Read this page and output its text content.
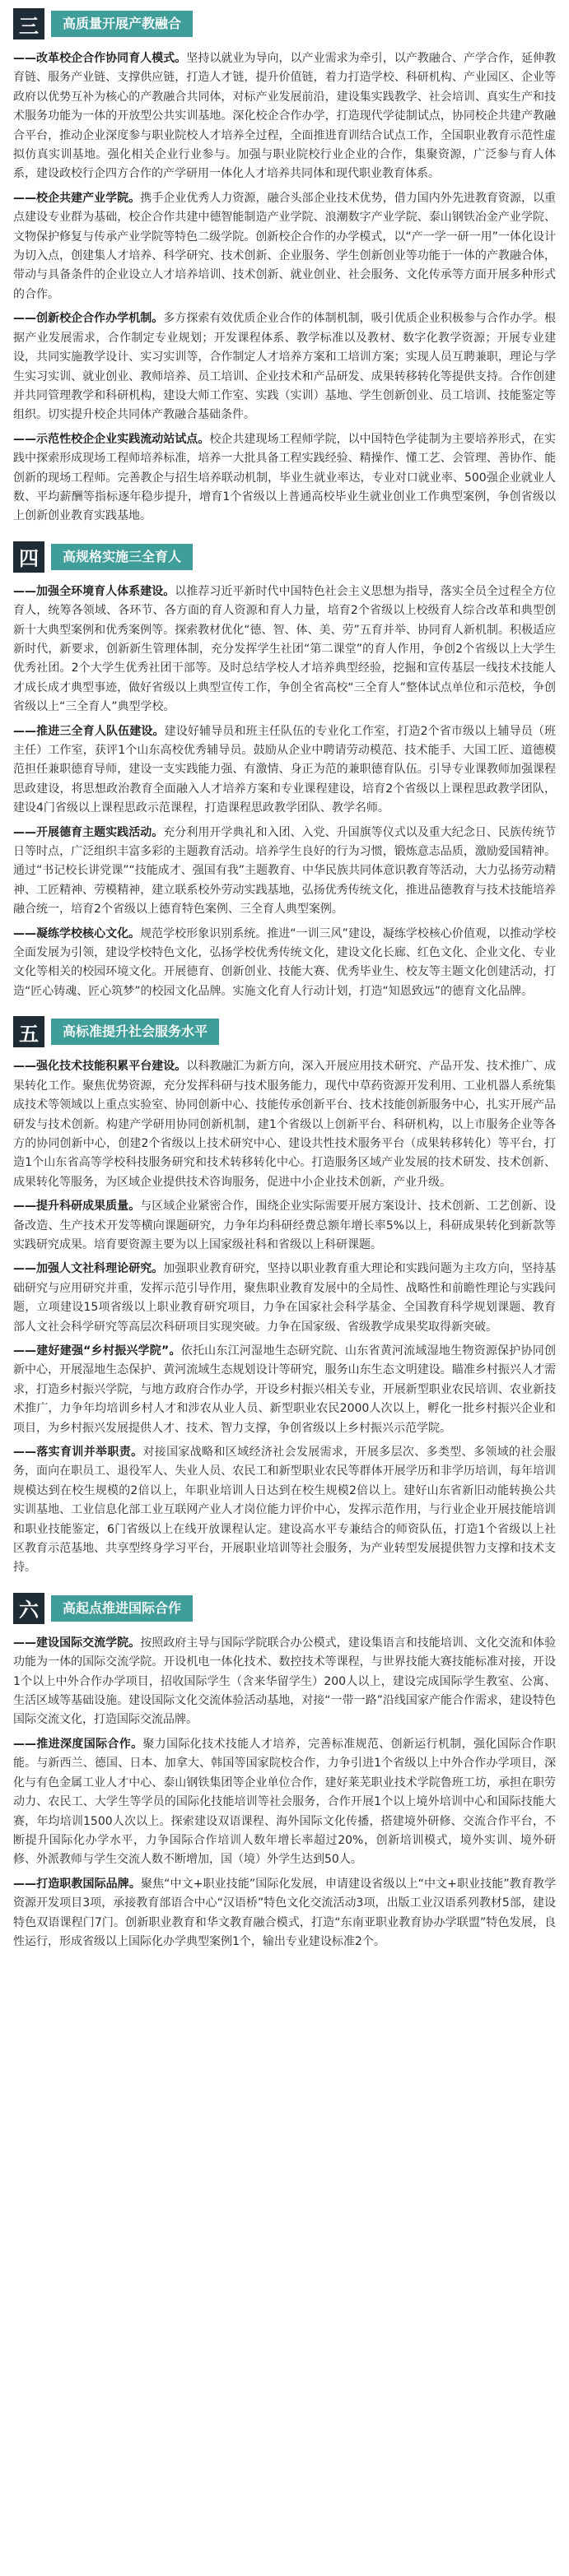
三	高质量开展产教融合

——改革校企合作协同育人模式。坚持以就业为导向，以产业需求为牵引，以产教融合、产学合作，延伸教育链、服务产业链、支撑供应链，打造人才链，提升价值链，着力打造学校、科研机构、产业园区、企业等政府以优势互补为核心的产教融合共同体，对标产业发展前沿，建设集实践教学、社会培训、真实生产和技术服务功能为一体的开放型公共实训基地。深化校企合作办学，打造现代学徒制试点，协同校企共建产教融合平台，推动企业深度参与职业院校人才培养全过程，全面推进育训结合试点工作，全国职业教育示范性虚拟仿真实训基地。强化相关企业行业参与。加强与职业院校行业企业的合作，集聚资源，广泛参与育人体系，建设政校行企四方合作的产学研用一体化人才培养共同体和现代职业教育体系。

——校企共建产业学院。携手企业优秀人力资源，融合头部企业技术优势，借力国内外先进教育资源，以重点建设专业群为基础，校企合作共建中德智能制造产业学院、浪潮数字产业学院、泰山钢铁冶金产业学院、文物保护修复与传承产业学院等特色二级学院。创新校企合作的办学模式，以“产一学一研一用”一体化设计为切入点，创建集人才培养、科学研究、技术创新、企业服务、学生创新创业等功能于一体的产教融合体，带动与具备条件的企业设立人才培养培训、技术创新、就业创业、社会服务、文化传承等方面开展多种形式的合作。

——创新校企合作办学机制。多方探索有效优质企业合作的体制机制，吸引优质企业积极参与合作办学。根据产业发展需求，合作制定专业规划；开发课程体系、教学标准以及教材、数字化教学资源；开展专业建设，共同实施教学设计、实习实训等，合作制定人才培养方案和工培训方案；实现人员互聘兼职，理论与学生实习实训、就业创业、教师培养、员工培训、企业技术和产品研发、成果转移转化等提供支持。合作创建并共同管理教学和科研机构，建设大师工作室、实践（实训）基地、学生创新创业、员工培训、技能鉴定等组织。切实提升校企共同体产教融合基础条件。

——示范性校企企业实践流动站试点。校企共建现场工程师学院，以中国特色学徒制为主要培养形式，在实践中探索形成现场工程师培养标准，培养一大批具备工程实践经验、精操作、懂工艺、会管理、善协作、能创新的现场工程师。完善教企与招生培养联动机制，毕业生就业率达，专业对口就业率、500强企业就业人数、平均薪酬等指标逐年稳步提升，增育1个省级以上普通高校毕业生就业创业工作典型案例，争创省级以上创新创业教育实践基地。

四	高规格实施三全育人

——加强全环境育人体系建设。以推荐习近平新时代中国特色社会主义思想为指导，落实全员全过程全方位育人，统筹各领域、各环节、各方面的育人资源和育人力量，培育2个省级以上校级育人综合改革和典型创新十大典型案例和优秀案例等。探索教材优化“德、智、体、美、劳”五育并举、协同育人新机制。积极适应新时代，新要求，创新新生管理体制，充分发挥学生社团“第二课堂”的育人作用，争创2个省级以上大学生优秀社团。2个大学生优秀社团干部等。及时总结学校人才培养典型经验，挖掘和宣传基层一线技术技能人才成长成才典型事迹，做好省级以上典型宣传工作，争创全省高校“三全育人”整体试点单位和示范校，争创省级以上“三全育人”典型学校。

——推进三全育人队伍建设。建设好辅导员和班主任队伍的专业化工作室，打造2个省市级以上辅导员（班主任）工作室，获评1个山东高校优秀辅导员。鼓励从企业中聘请劳动模范、技术能手、大国工匠、道德模范担任兼职德育导师，建设一支实践能力强、有激情、身正为范的兼职德育队伍。引导专业课教师加强课程思政建设，将思想政治教育全面融入人才培养方案和专业课程建设，培育2个省级以上课程思政教学团队，建设4门省级以上课程思政示范课程，打造课程思政教学团队、教学名师。

——开展德育主题实践活动。充分利用开学典礼和入团、入党、升国旗等仪式以及重大纪念日、民族传统节日等时点，广泛组织丰富多彩的主题教育活动。培养学生良好的行为习惯，锻炼意志品质，激励爱国精神。通过“书记校长讲党课”“技能成才、强国有我”主题教育、中华民族共同体意识教育等活动，大力弘扬劳动精神、工匠精神、劳模精神，建立联系校外劳动实践基地，弘扬优秀传统文化，推进品德教育与技术技能培养融合统一，培育2个省级以上德育特色案例、三全育人典型案例。

——凝练学校核心文化。规范学校形象识别系统。推进“一训三风”建设，凝练学校核心价值观，以推动学校全面发展为引领，建设学校特色文化，弘扬学校优秀传统文化，建设文化长廊、红色文化、企业文化、专业文化等相关的校园环境文化。开展德育、创新创业、技能大赛、优秀毕业生、校友等主题文化创建活动，打造“匠心铸魂、匠心筑梦”的校园文化品牌。实施文化育人行动计划，打造“知恩致远”的德育文化品牌。

五	高标准提升社会服务水平

——强化技术技能积累平台建设。以科教融汇为新方向，深入开展应用技术研究、产品开发、技术推广、成果转化工作。聚焦优势资源，充分发挥科研与技术服务能力，现代中草药资源开发利用、工业机器人系统集成技术等领域以上重点实验室、协同创新中心、技能传承创新平台、技术技能创新服务中心，扎实开展产品研发与技术创新。构建产学研用协同创新机制，建1个省级以上创新平台、科研机构，以上市服务企业等各方的协同创新中心，创建2个省级以上技术研究中心、建设共性技术服务平台（成果转移转化）等平台，打造1个山东省高等学校科技服务研究和技术转移转化中心。打造服务区域产业发展的技术研发、技术创新、成果转化等服务，为区域企业提供技术咨询服务，促进中小企业技术创新，产业升级。

——提升科研成果质量。与区域企业紧密合作，围绕企业实际需要开展方案设计、技术创新、工艺创新、设备改造、生产技术开发等横向课题研究，力争年均科研经费总额年增长率5%以上，科研成果转化到新款等实践研究成果。培育要资源主要为以上国家级社科和省级以上科研课题。

——加强人文社科理论研究。加强职业教育研究，坚持以职业教育重大理论和实践问题为主攻方向，坚持基础研究与应用研究并重，发挥示范引导作用，聚焦职业教育发展中的全局性、战略性和前瞻性理论与实践问题，立项建设15项省级以上职业教育研究项目，力争在国家社会科学基金、全国教育科学规划课题、教育部人文社会科学研究等高层次科研项目实现突破。力争在国家级、省级教学成果奖取得新突破。

——建好建强“乡村振兴学院”。依托山东江河湿地生态研究院、山东省黄河流域湿地生物资源保护协同创新中心，开展湿地生态保护、黄河流域生态规划设计等研究，服务山东生态文明建设。瞄准乡村振兴人才需求，打造乡村振兴学院，与地方政府合作办学，开设乡村振兴相关专业，开展新型职业农民培训、农业新技术推广，力争年均培训乡村人才和涉农从业人员、新型职业农民2000人次以上，孵化一批乡村振兴企业和项目，为乡村振兴发展提供人才、技术、智力支撑，争创省级以上乡村振兴示范学院。

——落实育训并举职责。对接国家战略和区域经济社会发展需求，开展多层次、多类型、多领域的社会服务，面向在职员工、退役军人、失业人员、农民工和新型职业农民等群体开展学历和非学历培训，每年培训规模达到在校生规模的2倍以上，年职业培训人日达到在校生规模2倍以上。建好山东省新旧动能转换公共实训基地、工业信息化部工业互联网产业人才岗位能力评价中心，发挥示范作用，与行业企业开展技能培训和职业技能鉴定，6门省级以上在线开放课程认定。建设高水平专兼结合的师资队伍，打造1个省级以上社区教育示范基地、共享型终身学习平台，开展职业培训等社会服务，为产业转型发展提供智力支撑和技术支持。

六	高起点推进国际合作

——建设国际交流学院。按照政府主导与国际学院联合办公模式，建设集语言和技能培训、文化交流和体验功能为一体的国际交流学院。开设机电一体化技术、数控技术等课程，与世界技能大赛技能标准对接，开设1个以上中外合作办学项目，招收国际学生（含来华留学生）200人以上，建设完成国际学生教室、公寓、生活区域等基础设施。建设国际文化交流体验活动基地，对接“一带一路”沿线国家产能合作需求，建设特色国际交流文化，打造国际交流品牌。

——推进深度国际合作。聚力国际化技术技能人才培养，完善标准规范、创新运行机制，强化国际合作职能。与新西兰、德国、日本、加拿大、韩国等国家院校合作，力争引进1个省级以上中外合作办学项目，深化与有色金属工业人才中心、泰山钢铁集团等企业单位合作，建好莱芜职业技术学院鲁班工坊，承担在职劳动力、农民工、大学生等学员的国际化技能培训等社会服务，合作开展1个以上境外培训中心和国际技能大赛，年均培训1500人次以上。探索建设双语课程、海外国际文化传播，搭建境外研修、交流合作平台，不断提升国际化办学水平，力争国际合作培训人数年增长率超过20%，创新培训模式，境外实训、境外研修、外派教师与学生交流人数不断增加，国（境）外学生达到50人。

——打造职教国际品牌。聚焦“中文+职业技能”国际化发展，申请建设省级以上“中文+职业技能”教育教学资源开发项目3项，承接教育部语合中心“汉语桥”特色文化交流活动3项，出版工业汉语系列教材5部，建设特色双语课程门7门。创新职业教育和华文教育融合模式，打造“东南亚职业教育协办学联盟”特色发展，良性运行，形成省级以上国际化办学典型案例1个，输出专业建设标准2个。
